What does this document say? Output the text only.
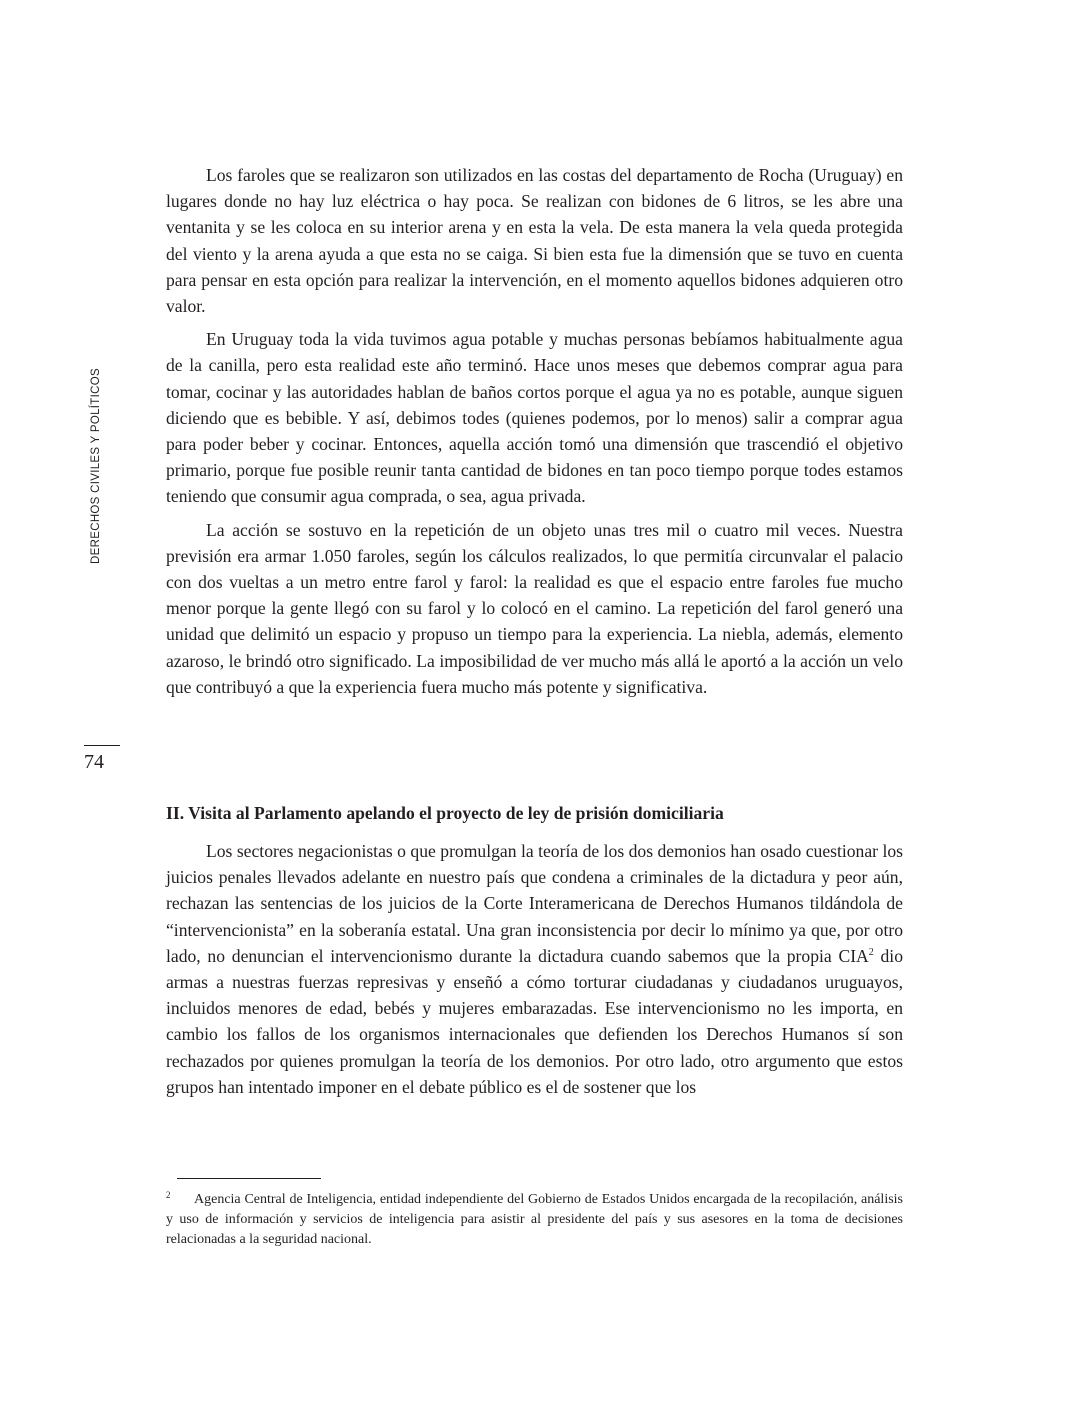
DERECHOS CIVILES Y POLÍTICOS
74

Los faroles que se realizaron son utilizados en las costas del departamento de Rocha (Uruguay) en lugares donde no hay luz eléctrica o hay poca. Se realizan con bidones de 6 litros, se les abre una ventanita y se les coloca en su interior arena y en esta la vela. De esta manera la vela queda protegida del viento y la arena ayuda a que esta no se caiga. Si bien esta fue la dimensión que se tuvo en cuenta para pensar en esta opción para realizar la intervención, en el momento aquellos bidones adquieren otro valor.

En Uruguay toda la vida tuvimos agua potable y muchas personas bebíamos habitualmente agua de la canilla, pero esta realidad este año terminó. Hace unos meses que debemos comprar agua para tomar, cocinar y las autoridades hablan de baños cortos porque el agua ya no es potable, aunque siguen diciendo que es bebible. Y así, debimos todes (quienes podemos, por lo menos) salir a comprar agua para poder beber y cocinar. Entonces, aquella acción tomó una dimensión que trascendió el objetivo primario, porque fue posible reunir tanta cantidad de bidones en tan poco tiempo porque todes estamos teniendo que consumir agua comprada, o sea, agua privada.

La acción se sostuvo en la repetición de un objeto unas tres mil o cuatro mil veces. Nuestra previsión era armar 1.050 faroles, según los cálculos realizados, lo que permitía circunvalar el palacio con dos vueltas a un metro entre farol y farol: la realidad es que el espacio entre faroles fue mucho menor porque la gente llegó con su farol y lo colocó en el camino. La repetición del farol generó una unidad que delimitó un espacio y propuso un tiempo para la experiencia. La niebla, además, elemento azaroso, le brindó otro significado. La imposibilidad de ver mucho más allá le aportó a la acción un velo que contribuyó a que la experiencia fuera mucho más potente y significativa.

II. Visita al Parlamento apelando el proyecto de ley de prisión domiciliaria

Los sectores negacionistas o que promulgan la teoría de los dos demonios han osado cuestionar los juicios penales llevados adelante en nuestro país que condena a criminales de la dictadura y peor aún, rechazan las sentencias de los juicios de la Corte Interamericana de Derechos Humanos tildándola de “intervencionista” en la soberanía estatal. Una gran inconsistencia por decir lo mínimo ya que, por otro lado, no denuncian el intervencionismo durante la dictadura cuando sabemos que la propia CIA$^2$ dio armas a nuestras fuerzas represivas y enseñó a cómo torturar ciudadanas y ciudadanos uruguayos, incluidos menores de edad, bebés y mujeres embarazadas. Ese intervencionismo no les importa, en cambio los fallos de los organismos internacionales que defienden los Derechos Humanos sí son rechazados por quienes promulgan la teoría de los demonios. Por otro lado, otro argumento que estos grupos han intentado imponer en el debate público es el de sostener que los

2 Agencia Central de Inteligencia, entidad independiente del Gobierno de Estados Unidos encargada de la recopilación, análisis y uso de información y servicios de inteligencia para asistir al presidente del país y sus asesores en la toma de decisiones relacionadas a la seguridad nacional.
